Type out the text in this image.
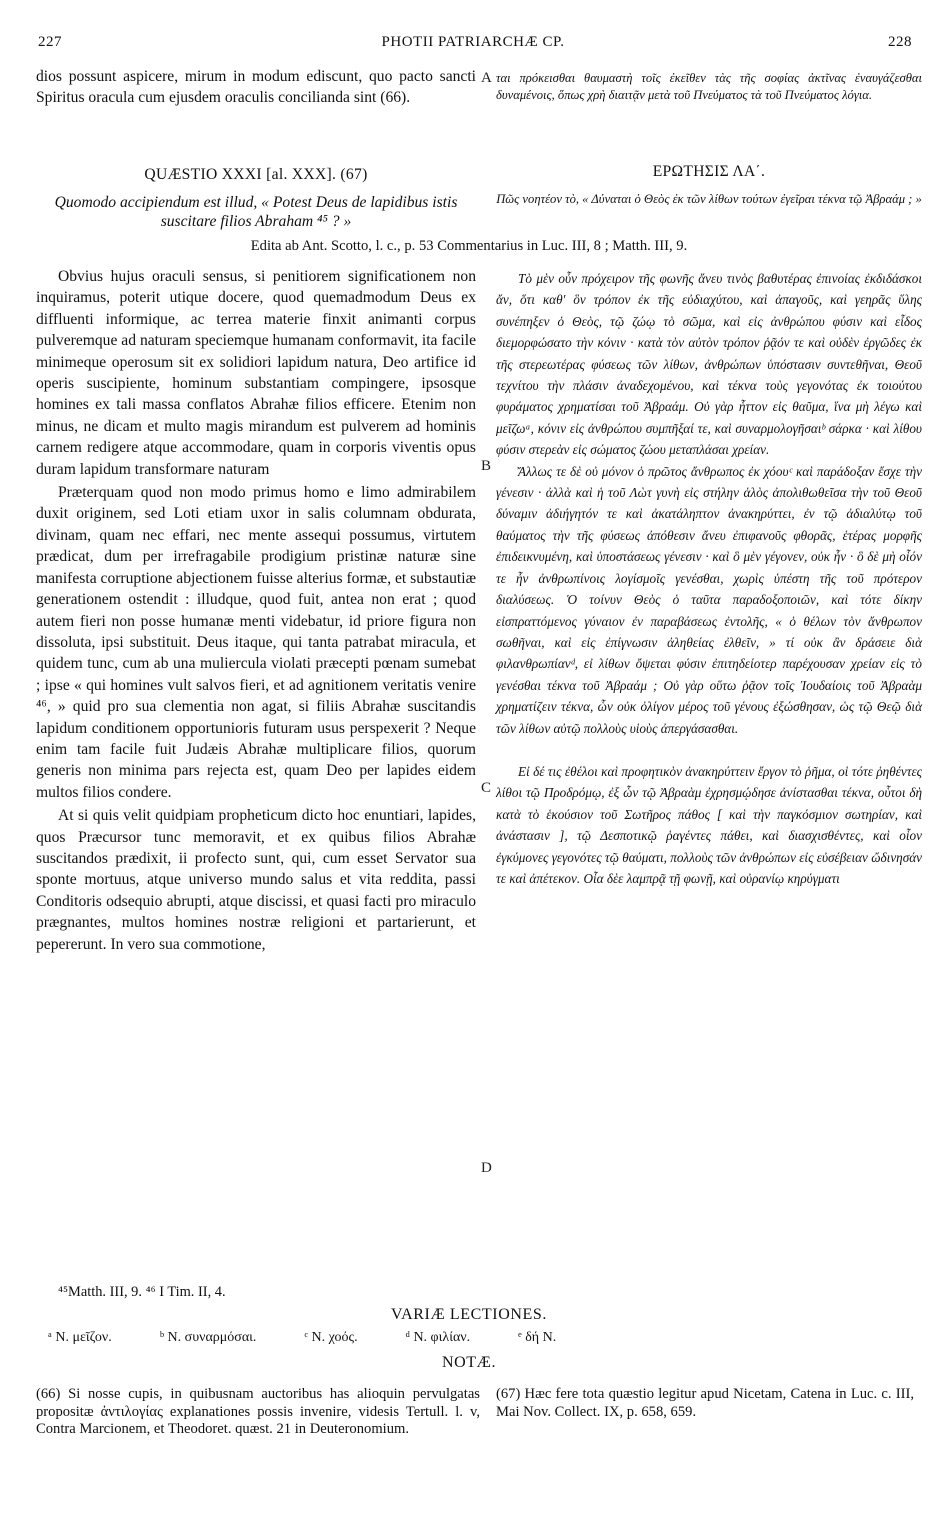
227	PHOTII PATRIARCHÆ CP.	228
A
B
C
D

dios possunt aspicere, mirum in modum ediscunt, quo pacto sancti Spiritus oracula cum ejusdem oraculis concilianda sint (66).

ται πρόκεισθαι θαυμαστὴ τοῖς ἐκεῖθεν τὰς τῆς σοφίας ἀκτῖνας ἐναυγάζεσθαι δυναμένοις, ὅπως χρὴ διαιτᾷν μετὰ τοῦ Πνεύματος τὰ τοῦ Πνεύματος λόγια.

QUÆSTIO XXXI [al. XXX]. (67)	ΕΡΩΤΗΣΙΣ ΛΑ΄.
Quomodo accipiendum est illud, « Potest Deus de lapidibus istis suscitare filios Abraham ⁴⁵ ? »
Πῶς νοητέον τὸ, « Δύναται ὁ Θεὸς ἐκ τῶν λίθων τούτων ἐγεῖραι τέκνα τῷ Ἀβραάμ ; »
Edita ab Ant. Scotto, l. c., p. 53 Commentarius in Luc. III, 8 ; Matth. III, 9.

Obvius hujus oraculi sensus, si penitiorem significationem non inquiramus, poterit utique docere, quod quemadmodum Deus ex diffluenti informique, ac terrea materie finxit animanti corpus pulveremque ad naturam speciemque humanam conformavit, ita facile minimeque operosum sit ex solidiori lapidum natura, Deo artifice id operis suscipiente, hominum substantiam compingere, ipsosque homines ex tali massa conflatos Abrahæ filios efficere. Etenim non minus, ne dicam et multo magis mirandum est pulverem ad hominis carnem redigere atque accommodare, quam in corporis viventis opus duram lapidum transformare naturam

Præterquam quod non modo primus homo e limo admirabilem duxit originem, sed Loti etiam uxor in salis columnam obdurata, divinam, quam nec effari, nec mente assequi possumus, virtutem prædicat, dum per irrefragabile prodigium pristinæ naturæ sine manifesta corruptione abjectionem fuisse alterius formæ, et substautiæ generationem ostendit : illudque, quod fuit, antea non erat ; quod autem fieri non posse humanæ menti videbatur, id priore figura non dissoluta, ipsi substituit. Deus itaque, qui tanta patrabat miracula, et quidem tunc, cum ab una muliercula violati præcepti pœnam sumebat ; ipse « qui homines vult salvos fieri, et ad agnitionem veritatis venire ⁴⁶, » quid pro sua clementia non agat, si filiis Abrahæ suscitandis lapidum conditionem opportunioris futuram usus perspexerit ? Neque enim tam facile fuit Judæis Abrahæ multiplicare filios, quorum generis non minima pars rejecta est, quam Deo per lapides eidem multos filios condere.

At si quis velit quidpiam propheticum dicto hoc enuntiari, lapides, quos Præcursor tunc memoravit, et ex quibus filios Abrahæ suscitandos prædixit, ii profecto sunt, qui, cum esset Servator sua sponte mortuus, atque universo mundo salus et vita reddita, passi Conditoris odsequio abrupti, atque discissi, et quasi facti pro miraculo prægnantes, multos homines nostræ religioni et partarierunt, et pepererunt. In vero sua commotione,

Τὸ μὲν οὖν πρόχειρον τῆς φωνῆς ἄνευ τινὸς βαθυτέρας ἐπινοίας ἐκδιδάσκοι ἄν, ὅτι καθ' ὃν τρόπον ἐκ τῆς εὐδιαχύτου, καὶ ἀπαγοῦς, καὶ γεηρᾶς ὕλης συνέπηξεν ὁ Θεὸς, τῷ ζώῳ τὸ σῶμα, καὶ εἰς ἀνθρώπου φύσιν καὶ εἶδος διεμορφώσατο τὴν κόνιν · κατὰ τὸν αὐτὸν τρόπον ῥᾷόν τε καὶ οὐδὲν ἐργῶδες ἐκ τῆς στερεωτέρας φύσεως τῶν λίθων, ἀνθρώπων ὑπόστασιν συντεθῆναι, Θεοῦ τεχνίτου τὴν πλάσιν ἀναδεχομένου, καὶ τέκνα τοὺς γεγονότας ἐκ τοιούτου φυράματος χρηματίσαι τοῦ Ἀβραάμ. Οὐ γὰρ ἧττον εἰς θαῦμα, ἵνα μὴ λέγω καὶ μεῖζωᵃ, κόνιν εἰς ἀνθρώπου συμπῆξαί τε, καὶ συναρμολογῆσαιᵇ σάρκα · καὶ λίθου φύσιν στερεὰν εἰς σώματος ζώου μεταπλάσαι χρείαν.

Ἄλλως τε δὲ οὐ μόνον ὁ πρῶτος ἄνθρωπος ἐκ χόουᶜ καὶ παράδοξαν ἔσχε τὴν γένεσιν · ἀλλὰ καὶ ἡ τοῦ Λὼτ γυνὴ εἰς στήλην ἁλὸς ἀπολιθωθεῖσα τὴν τοῦ Θεοῦ δύναμιν ἀδιήγητόν τε καὶ ἀκατάληπτον ἀνακηρύττει, ἐν τῷ ἀδιαλύτῳ τοῦ θαύματος τὴν τῆς φύσεως ἀπόθεσιν ἄνευ ἐπιφανοῦς φθορᾶς, ἑτέρας μορφῆς ἐπιδεικνυμένη, καὶ ὑποστάσεως γένεσιν · καὶ ὃ μὲν γέγονεν, οὐκ ἦν · ὃ δὲ μὴ οἷόν τε ἦν ἀνθρωπίνοις λογίσμοῖς γενέσθαι, χωρὶς ὑπέστη τῆς τοῦ πρότερον διαλύσεως. Ὁ τοίνυν Θεὸς ὁ ταῦτα παραδοξοποιῶν, καὶ τότε δίκην εἰσπραττόμενος γύναιον ἐν παραβάσεως ἐντολῆς, « ὁ θέλων τὸν ἄνθρωπον σωθῆναι, καὶ εἰς ἐπίγνωσιν ἀληθείας ἐλθεῖν, » τί οὐκ ἂν δράσειε διὰ φιλανθρωπίανᵈ, εἰ λίθων ὄψεται φύσιν ἐπιτηδείοτερ παρέχουσαν χρείαν εἰς τὸ γενέσθαι τέκνα τοῦ Ἀβραάμ ; Οὐ γὰρ οὕτω ῥᾷον τοῖς Ἰουδαίοις τοῦ Ἀβραὰμ χρηματίζειν τέκνα, ὧν οὐκ ὀλίγον μέρος τοῦ γένους ἐξώσθησαν, ὡς τῷ Θεῷ διὰ τῶν λίθων αὐτῷ πολλοὺς υἱοὺς ἀπεργάσασθαι.

Εἰ δέ τις ἐθέλοι καὶ προφητικὸν ἀνακηρύττειν ἔργον τὸ ῥῆμα, οἱ τότε ῥηθέντες λίθοι τῷ Προδρόμῳ, ἐξ ὧν τῷ Ἀβραὰμ ἐχρησμῴδησε ἀνίστασθαι τέκνα, οὗτοι δὴ κατὰ τὸ ἑκούσιον τοῦ Σωτῆρος πάθος [ καὶ τὴν παγκόσμιον σωτηρίαν, καὶ ἀνάστασιν ], τῷ Δεσποτικῷ ῥαγέντες πάθει, καὶ διασχισθέντες, καὶ οἷον ἐγκύμονες γεγονότες τῷ θαύματι, πολλοὺς τῶν ἀνθρώπων εἰς εὐσέβειαν ὤδινησάν τε καὶ ἀπέτεκον. Οἷα δὲε λαμπρᾷ τῇ φωνῇ, καὶ οὐρανίῳ κηρύγματι

⁴⁵Matth. III, 9. ⁴⁶ I Tim. II, 4.
VARIÆ LECTIONES.
ᵃ N. μεῖζον.	ᵇ N. συναρμόσαι.	ᶜ N. χοός.	ᵈ N. φιλίαν.	ᵉ δή N.
NOTÆ.
(66) Si nosse cupis, in quibusnam auctoribus has alioquin pervulgatas propositæ ἀντιλογίας explanationes possis invenire, videsis Tertull. l. v, Contra Marcionem, et Theodoret. quæst. 21 in Deuteronomium.
(67) Hæc fere tota quæstio legitur apud Nicetam, Catena in Luc. c. III, Mai Nov. Collect. IX, p. 658, 659.
